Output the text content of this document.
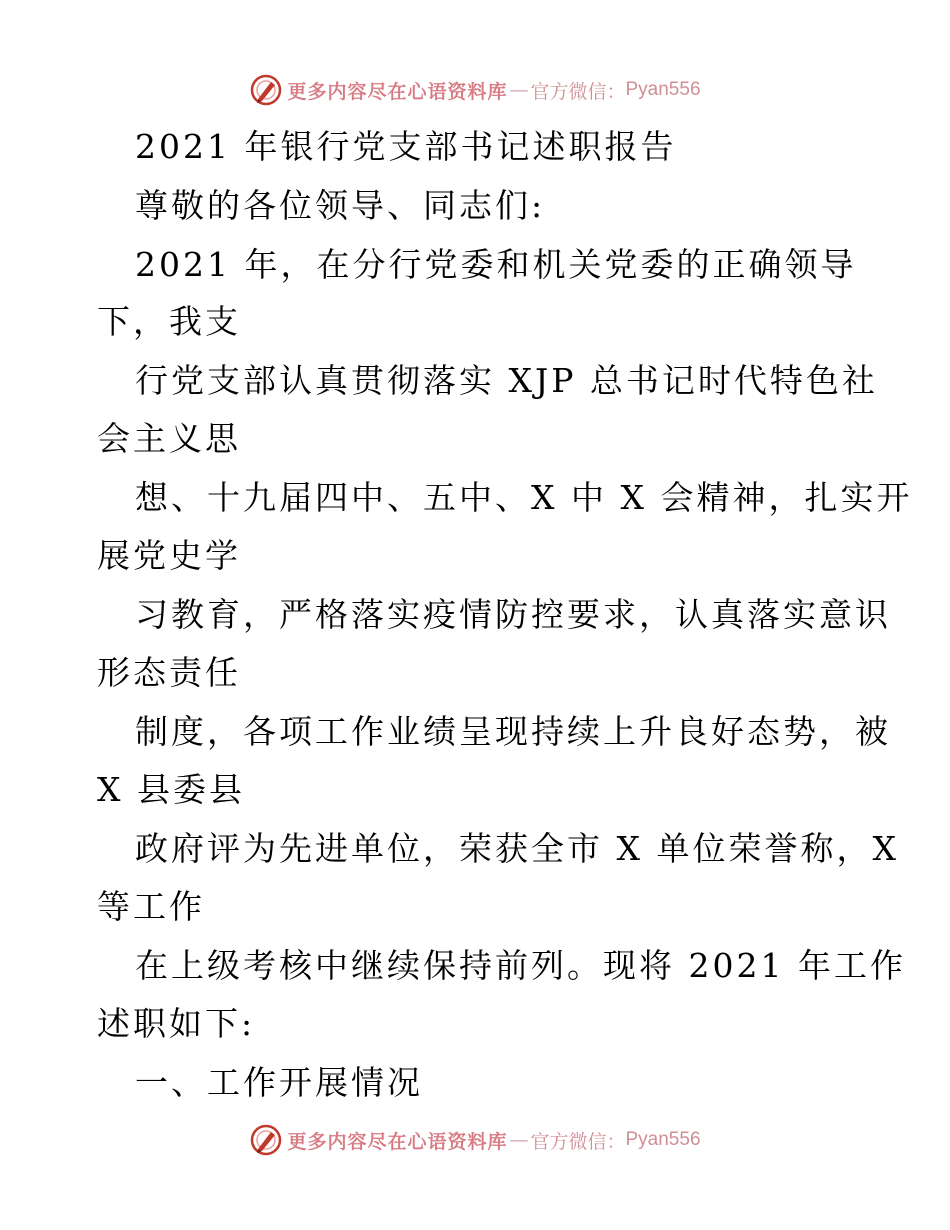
更多内容尽在心语资料库 — 官方微信： Pyan556
2021 年银行党支部书记述职报告
尊敬的各位领导、同志们:
2021 年，在分行党委和机关党委的正确领导
下，我支
行党支部认真贯彻落实 XJP 总书记时代特色社
会主义思
想、十九届四中、五中、X 中 X 会精神，扎实开
展党史学
习教育，严格落实疫情防控要求，认真落实意识
形态责任
制度，各项工作业绩呈现持续上升良好态势，被
X 县委县
政府评为先进单位，荣获全市 X 单位荣誉称，X
等工作
在上级考核中继续保持前列。现将 2021 年工作
述职如下:
一、工作开展情况
更多内容尽在心语资料库 — 官方微信： Pyan556
